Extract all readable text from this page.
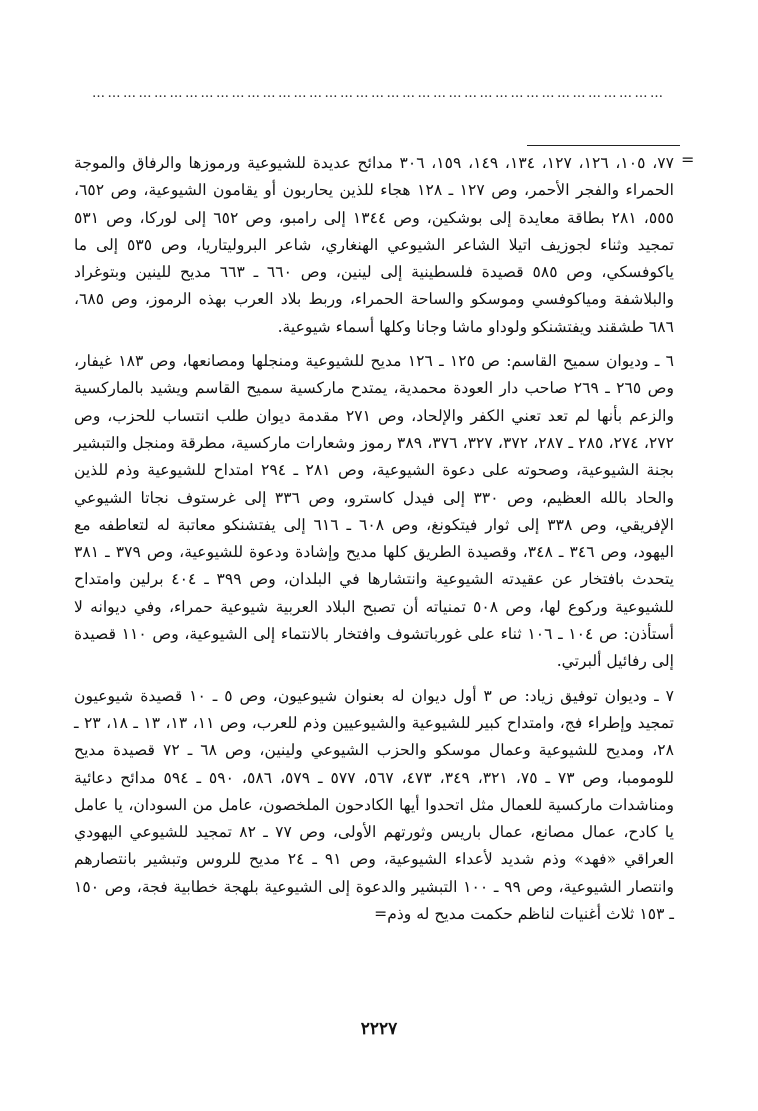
…………………………………………………………………………………………………
=

٧٧، ١٠٥، ١٢٦، ١٢٧، ١٣٤، ١٤٩، ١٥٩، ٣٠٦ مدائح عديدة للشيوعية ورموزها والرفاق والموجة الحمراء والفجر الأحمر، وص ١٢٧ ـ ١٢٨ هجاء للذين يحاربون أو يقامون الشيوعية، وص ٦٥٢، ٥٥٥، ٢٨١ بطاقة معايدة إلى بوشكين، وص ١٣٤٤ إلى رامبو، وص ٦٥٢ إلى لوركا، وص ٥٣١ تمجيد وثناء لجوزيف اتيلا الشاعر الشيوعي الهنغاري، شاعر البروليتاريا، وص ٥٣٥ إلى ما ياكوفسكي، وص ٥٨٥ قصيدة فلسطينية إلى لينين، وص ٦٦٠ ـ ٦٦٣ مديح للينين وبتوغراد والبلاشفة ومياكوفسي وموسكو والساحة الحمراء، وربط بلاد العرب بهذه الرموز، وص ٦٨٥، ٦٨٦ طشقند ويفتشنكو ولوداو ماشا وجانا وكلها أسماء شيوعية.

٦ ـ وديوان سميح القاسم: ص ١٢٥ ـ ١٢٦ مديح للشيوعية ومنجلها ومصانعها، وص ١٨٣ غيفار، وص ٢٦٥ ـ ٢٦٩ صاحب دار العودة محمدية، يمتدح ماركسية سميح القاسم ويشيد بالماركسية والزعم بأنها لم تعد تعني الكفر والإلحاد، وص ٢٧١ مقدمة ديوان طلب انتساب للحزب، وص ٢٧٢، ٢٧٤، ٢٨٥ ـ ٢٨٧، ٣٧٢، ٣٢٧، ٣٧٦، ٣٨٩ رموز وشعارات ماركسية، مطرقة ومنجل والتبشير بجنة الشيوعية، وصحوته على دعوة الشيوعية، وص ٢٨١ ـ ٢٩٤ امتداح للشيوعية وذم للذين والحاد بالله العظيم، وص ٣٣٠ إلى فيدل كاسترو، وص ٣٣٦ إلى غرستوف نجاتا الشيوعي الإفريقي، وص ٣٣٨ إلى ثوار فيتكونغ، وص ٦٠٨ ـ ٦١٦ إلى يفتشنكو معاتبة له لتعاطفه مع اليهود، وص ٣٤٦ ـ ٣٤٨، وقصيدة الطريق كلها مديح وإشادة ودعوة للشيوعية، وص ٣٧٩ ـ ٣٨١ يتحدث بافتخار عن عقيدته الشيوعية وانتشارها في البلدان، وص ٣٩٩ ـ ٤٠٤ برلين وامتداح للشيوعية وركوع لها، وص ٥٠٨ تمنياته أن تصبح البلاد العربية شيوعية حمراء، وفي ديوانه لا أستأذن: ص ١٠٤ ـ ١٠٦ ثناء على غورباتشوف وافتخار بالانتماء إلى الشيوعية، وص ١١٠ قصيدة إلى رفائيل ألبرتي.

٧ ـ وديوان توفيق زياد: ص ٣ أول ديوان له بعنوان شيوعيون، وص ٥ ـ ١٠ قصيدة شيوعيون تمجيد وإطراء فج، وامتداح كبير للشيوعية والشيوعيين وذم للعرب، وص ١١، ١٣، ١٣ ـ ١٨، ٢٣ ـ ٢٨، ومديح للشيوعية وعمال موسكو والحزب الشيوعي ولينين، وص ٦٨ ـ ٧٢ قصيدة مديح للومومبا، وص ٧٣ ـ ٧٥، ٣٢١، ٣٤٩، ٤٧٣، ٥٦٧، ٥٧٧ ـ ٥٧٩، ٥٨٦، ٥٩٠ ـ ٥٩٤ مدائح دعائية ومناشدات ماركسية للعمال مثل اتحدوا أيها الكادحون الملخصون، عامل من السودان، يا عامل يا كادح، عمال مصانع، عمال باريس وثورتهم الأولى، وص ٧٧ ـ ٨٢ تمجيد للشيوعي اليهودي العراقي «فهد» وذم شديد لأعداء الشيوعية، وص ٩١ ـ ٢٤ مديح للروس وتبشير بانتصارهم وانتصار الشيوعية، وص ٩٩ ـ ١٠٠ التبشير والدعوة إلى الشيوعية بلهجة خطابية فجة، وص ١٥٠ ـ ١٥٣ ثلاث أغنيات لناظم حكمت مديح له وذم=

٢٢٢٧
